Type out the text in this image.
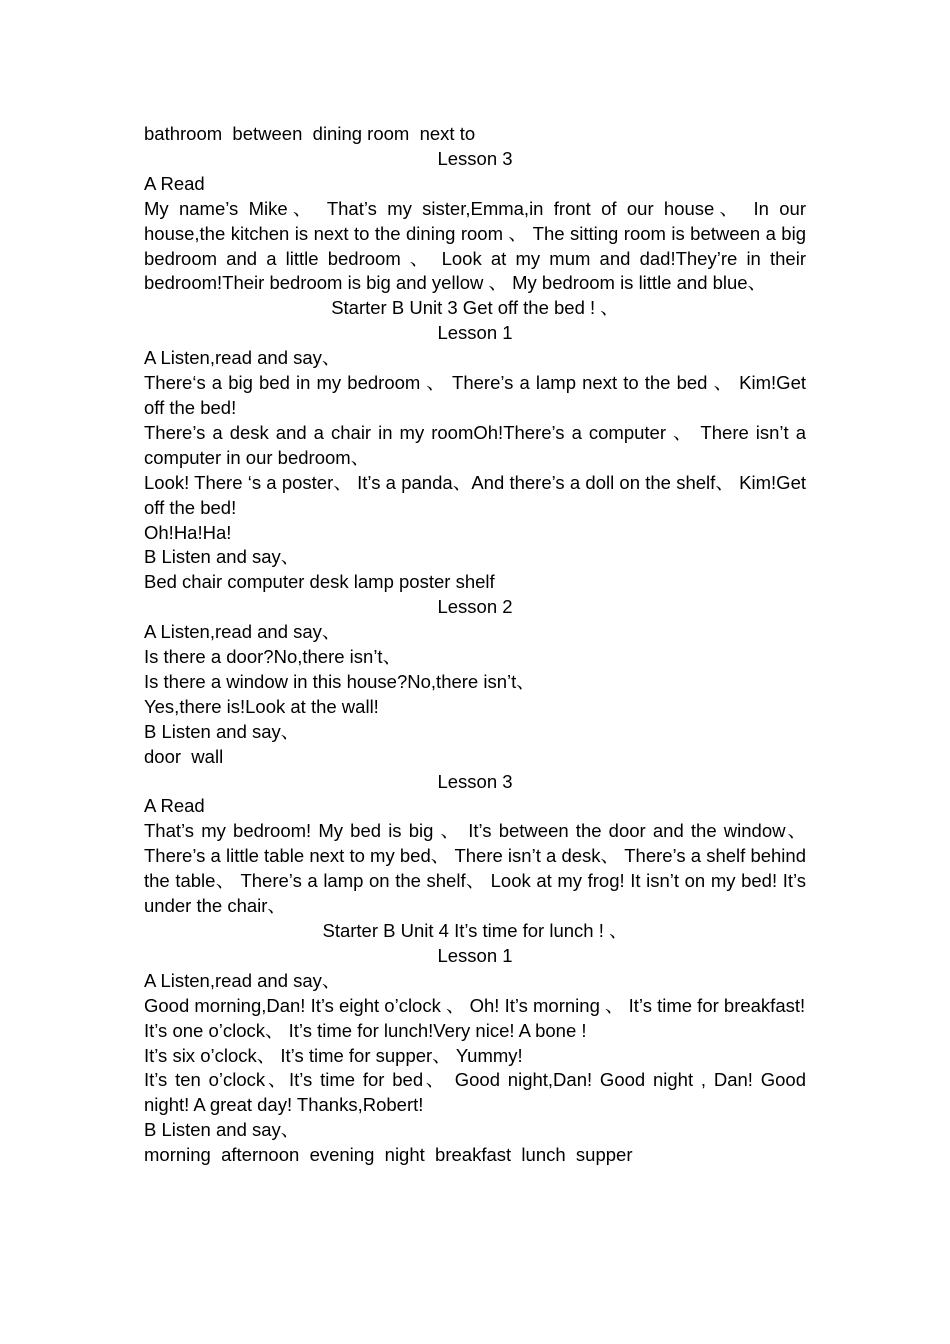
bathroom  between  dining room  next to
Lesson 3
A Read

My name’s Mike、 That’s my sister,Emma,in front of our house、 In our house,the kitchen is next to the dining room 、 The sitting room is between a big bedroom and a little bedroom 、 Look at my mum and dad!They’re in their bedroom!Their bedroom is big and yellow 、 My bedroom is little and blue、

Starter B Unit 3 Get off the bed ! 、
Lesson 1
A Listen,read and say、

There‘s a big bed in my bedroom 、 There’s a lamp next to the bed 、 Kim!Get off the bed!

There’s a desk and a chair in my roomOh!There’s a computer 、 There isn’t a computer in our bedroom、

Look! There ‘s a poster、 It’s a panda、And there’s a doll on the shelf、 Kim!Get off the bed!

Oh!Ha!Ha!
B Listen and say、
Bed chair computer desk lamp poster shelf
Lesson 2
A Listen,read and say、
Is there a door?No,there isn’t、
Is there a window in this house?No,there isn’t、
Yes,there is!Look at the wall!
B Listen and say、
door  wall
Lesson 3
A Read

That’s my bedroom! My bed is big 、 It’s between the door and the window、 There’s a little table next to my bed、 There isn’t a desk、 There’s a shelf behind the table、 There’s a lamp on the shelf、 Look at my frog! It isn’t on my bed! It’s under the chair、

Starter B Unit 4 It’s time for lunch ! 、
Lesson 1
A Listen,read and say、

Good morning,Dan! It’s eight o’clock 、 Oh! It’s morning 、 It’s time for breakfast!

It’s one o’clock、 It’s time for lunch!Very nice! A bone !
It’s six o’clock、 It’s time for supper、 Yummy!

It’s ten o’clock、It’s time for bed、 Good night,Dan! Good night , Dan! Good night! A great day! Thanks,Robert!

B Listen and say、
morning  afternoon  evening  night  breakfast  lunch  supper
